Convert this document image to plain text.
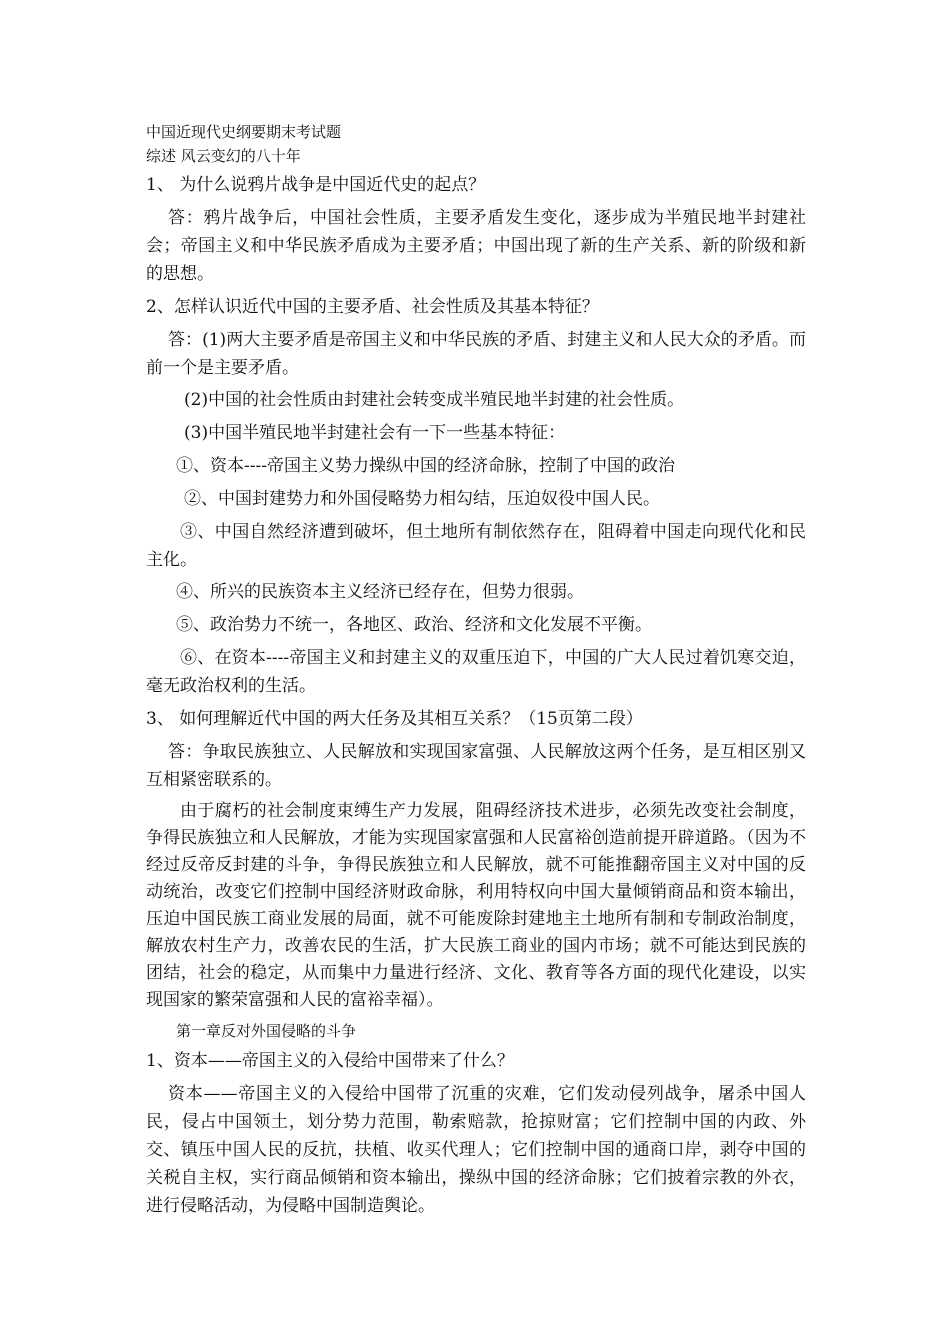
中国近现代史纲要期末考试题

综述 风云变幻的八十年

1、 为什么说鸦片战争是中国近代史的起点？

答：鸦片战争后，中国社会性质，主要矛盾发生变化，逐步成为半殖民地半封建社会；帝国主义和中华民族矛盾成为主要矛盾；中国出现了新的生产关系、新的阶级和新的思想。

2、怎样认识近代中国的主要矛盾、社会性质及其基本特征？

答：(1)两大主要矛盾是帝国主义和中华民族的矛盾、封建主义和人民大众的矛盾。而前一个是主要矛盾。

(2)中国的社会性质由封建社会转变成半殖民地半封建的社会性质。

(3)中国半殖民地半封建社会有一下一些基本特征：

①、资本----帝国主义势力操纵中国的经济命脉，控制了中国的政治

②、中国封建势力和外国侵略势力相勾结，压迫奴役中国人民。

③、中国自然经济遭到破坏，但土地所有制依然存在，阻碍着中国走向现代化和民主化。

④、所兴的民族资本主义经济已经存在，但势力很弱。

⑤、政治势力不统一，各地区、政治、经济和文化发展不平衡。

⑥、在资本----帝国主义和封建主义的双重压迫下，中国的广大人民过着饥寒交迫，毫无政治权利的生活。

3、 如何理解近代中国的两大任务及其相互关系？（15页第二段）

答：争取民族独立、人民解放和实现国家富强、人民解放这两个任务，是互相区别又互相紧密联系的。

由于腐朽的社会制度束缚生产力发展，阻碍经济技术进步，必须先改变社会制度，争得民族独立和人民解放，才能为实现国家富强和人民富裕创造前提开辟道路。（因为不经过反帝反封建的斗争，争得民族独立和人民解放，就不可能推翻帝国主义对中国的反动统治，改变它们控制中国经济财政命脉，利用特权向中国大量倾销商品和资本输出，压迫中国民族工商业发展的局面，就不可能废除封建地主土地所有制和专制政治制度，解放农村生产力，改善农民的生活，扩大民族工商业的国内市场；就不可能达到民族的团结，社会的稳定，从而集中力量进行经济、文化、教育等各方面的现代化建设，以实现国家的繁荣富强和人民的富裕幸福）。

第一章反对外国侵略的斗争

1、资本——帝国主义的入侵给中国带来了什么？

资本——帝国主义的入侵给中国带了沉重的灾难，它们发动侵列战争，屠杀中国人民，侵占中国领土，划分势力范围，勒索赔款，抢掠财富；它们控制中国的内政、外交、镇压中国人民的反抗，扶植、收买代理人；它们控制中国的通商口岸，剥夺中国的关税自主权，实行商品倾销和资本输出，操纵中国的经济命脉；它们披着宗教的外衣，进行侵略活动，为侵略中国制造舆论。
